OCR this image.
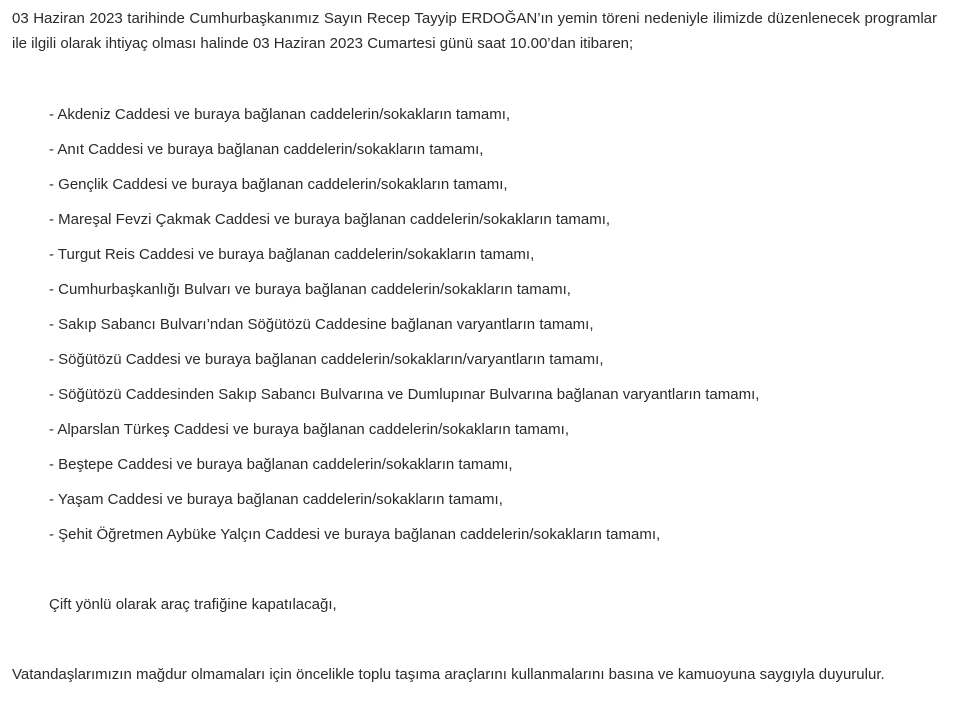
03 Haziran 2023 tarihinde Cumhurbaşkanımız Sayın Recep Tayyip ERDOĞAN’ın yemin töreni nedeniyle ilimizde düzenlenecek programlar ile ilgili olarak ihtiyaç olması halinde 03 Haziran 2023 Cumartesi günü saat 10.00’dan itibaren;

- Akdeniz Caddesi ve buraya bağlanan caddelerin/sokakların tamamı,
- Anıt Caddesi ve buraya bağlanan caddelerin/sokakların tamamı,
- Gençlik Caddesi ve buraya bağlanan caddelerin/sokakların tamamı,
- Mareşal Fevzi Çakmak Caddesi ve buraya bağlanan caddelerin/sokakların tamamı,
- Turgut Reis Caddesi ve buraya bağlanan caddelerin/sokakların tamamı,
- Cumhurbaşkanlığı Bulvarı ve buraya bağlanan caddelerin/sokakların tamamı,
- Sakıp Sabancı Bulvarı’ndan Söğütözü Caddesine bağlanan varyantların tamamı,
- Söğütözü Caddesi ve buraya bağlanan caddelerin/sokakların/varyantların tamamı,
- Söğütözü Caddesinden Sakıp Sabancı Bulvarına ve Dumlupınar Bulvarına bağlanan varyantların tamamı,
- Alparslan Türkeş Caddesi ve buraya bağlanan caddelerin/sokakların tamamı,
- Beştepe Caddesi ve buraya bağlanan caddelerin/sokakların tamamı,
- Yaşam Caddesi ve buraya bağlanan caddelerin/sokakların tamamı,
- Şehit Öğretmen Aybüke Yalçın Caddesi ve buraya bağlanan caddelerin/sokakların tamamı,

Çift yönlü olarak araç trafiğine kapatılacağı,

Vatandaşlarımızın mağdur olmamaları için öncelikle toplu taşıma araçlarını kullanmalarını basına ve kamuoyuna saygıyla duyurulur.
